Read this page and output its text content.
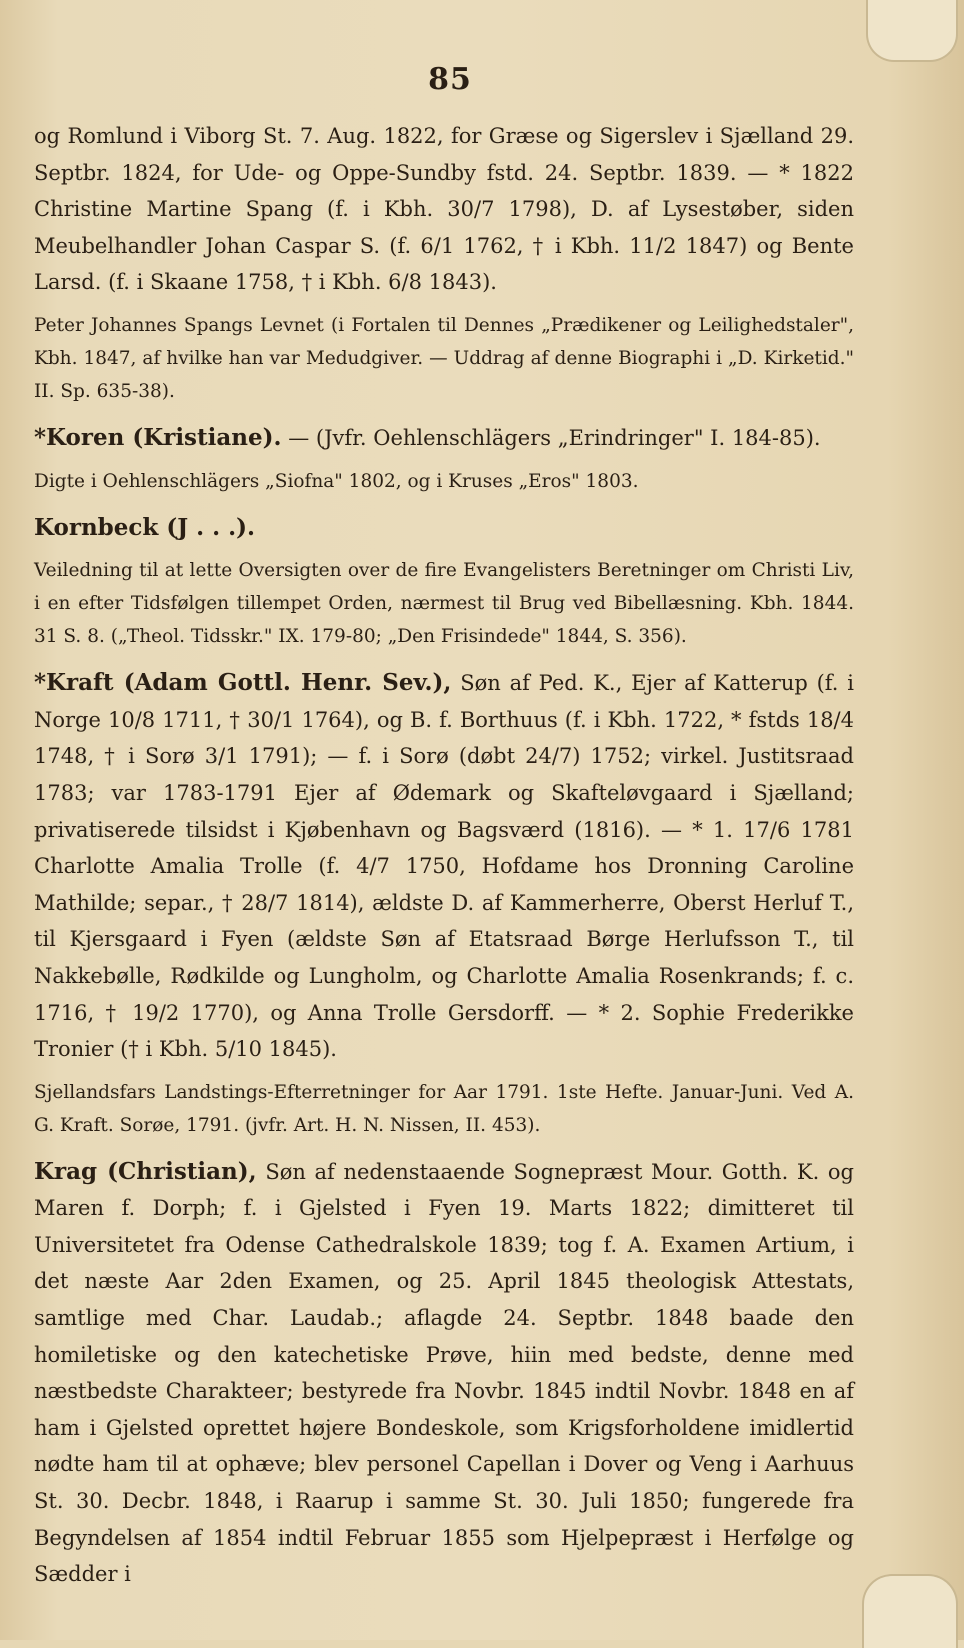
85

og Romlund i Viborg St. 7. Aug. 1822, for Græse og Sigerslev i Sjælland 29. Septbr. 1824, for Ude- og Oppe-Sundby fstd. 24. Septbr. 1839. — * 1822 Christine Martine Spang (f. i Kbh. 30/7 1798), D. af Lysestøber, siden Meubelhandler Johan Caspar S. (f. 6/1 1762, † i Kbh. 11/2 1847) og Bente Larsd. (f. i Skaane 1758, † i Kbh. 6/8 1843).

Peter Johannes Spangs Levnet (i Fortalen til Dennes „Prædikener og Leilighedstaler", Kbh. 1847, af hvilke han var Medudgiver. — Uddrag af denne Biographi i „D. Kirketid." II. Sp. 635-38).

*Koren (Kristiane). — (Jvfr. Oehlenschlägers „Erindringer" I. 184-85).

Digte i Oehlenschlägers „Siofna" 1802, og i Kruses „Eros" 1803.

Kornbeck (J . . .).

Veiledning til at lette Oversigten over de fire Evangelisters Beretninger om Christi Liv, i en efter Tidsfølgen tillempet Orden, nærmest til Brug ved Bibellæsning. Kbh. 1844. 31 S. 8. („Theol. Tidsskr." IX. 179-80; „Den Frisindede" 1844, S. 356).

*Kraft (Adam Gottl. Henr. Sev.), Søn af Ped. K., Ejer af Katterup (f. i Norge 10/8 1711, † 30/1 1764), og B. f. Borthuus (f. i Kbh. 1722, * fstds 18/4 1748, † i Sorø 3/1 1791); — f. i Sorø (døbt 24/7) 1752; virkel. Justitsraad 1783; var 1783-1791 Ejer af Ødemark og Skafteløvgaard i Sjælland; privatiserede tilsidst i Kjøbenhavn og Bagsværd (1816). — * 1. 17/6 1781 Charlotte Amalia Trolle (f. 4/7 1750, Hofdame hos Dronning Caroline Mathilde; separ., † 28/7 1814), ældste D. af Kammerherre, Oberst Herluf T., til Kjersgaard i Fyen (ældste Søn af Etatsraad Børge Herlufsson T., til Nakkebølle, Rødkilde og Lungholm, og Charlotte Amalia Rosenkrands; f. c. 1716, † 19/2 1770), og Anna Trolle Gersdorff. — * 2. Sophie Frederikke Tronier († i Kbh. 5/10 1845).

Sjellandsfars Landstings-Efterretninger for Aar 1791. 1ste Hefte. Januar-Juni. Ved A. G. Kraft. Sorøe, 1791. (jvfr. Art. H. N. Nissen, II. 453).

Krag (Christian), Søn af nedenstaaende Sognepræst Mour. Gotth. K. og Maren f. Dorph; f. i Gjelsted i Fyen 19. Marts 1822; dimitteret til Universitetet fra Odense Cathedralskole 1839; tog f. A. Examen Artium, i det næste Aar 2den Examen, og 25. April 1845 theologisk Attestats, samtlige med Char. Laudab.; aflagde 24. Septbr. 1848 baade den homiletiske og den katechetiske Prøve, hiin med bedste, denne med næstbedste Charakteer; bestyrede fra Novbr. 1845 indtil Novbr. 1848 en af ham i Gjelsted oprettet højere Bondeskole, som Krigsforholdene imidlertid nødte ham til at ophæve; blev personel Capellan i Dover og Veng i Aarhuus St. 30. Decbr. 1848, i Raarup i samme St. 30. Juli 1850; fungerede fra Begyndelsen af 1854 indtil Februar 1855 som Hjelpepræst i Herfølge og Sædder i
